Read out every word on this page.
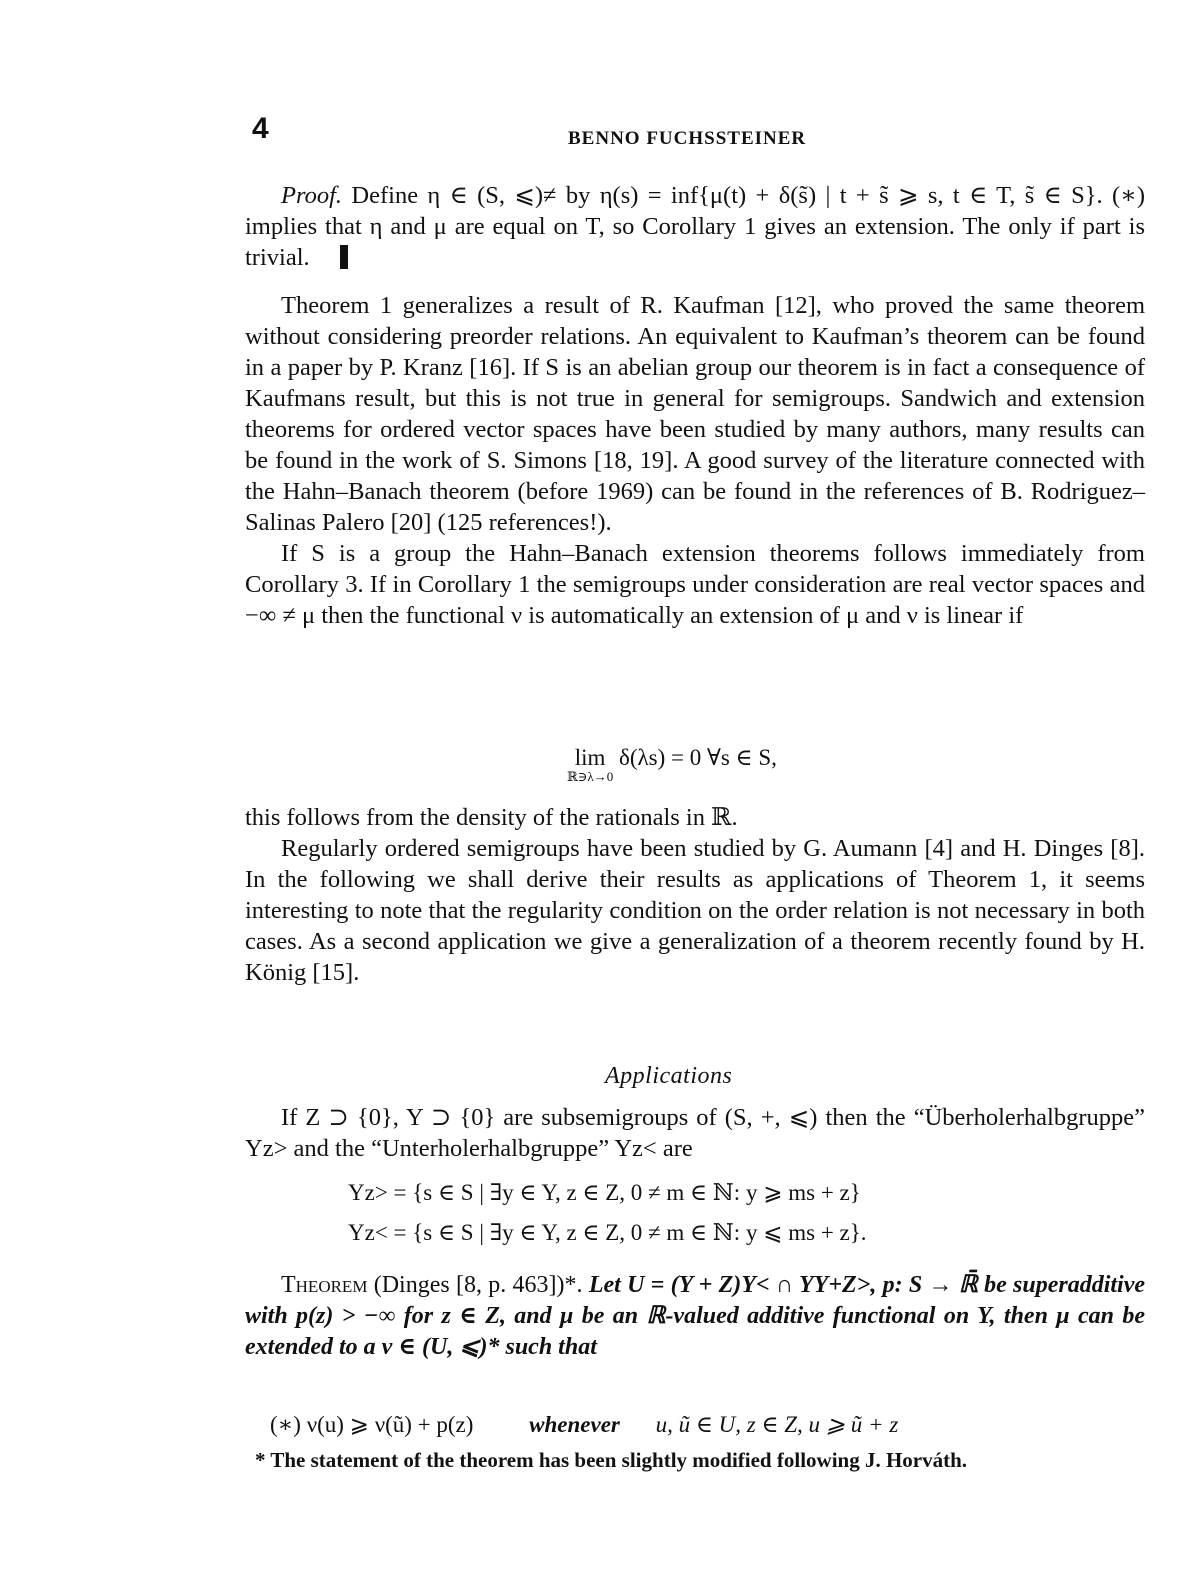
4	BENNO FUCHSSTEINER

Proof. Define η ∈ (S, ⩽)≠ by η(s) = inf{μ(t) + δ(s̃) | t + s̃ ⩾ s, t ∈ T, s̃ ∈ S}. (∗) implies that η and μ are equal on T, so Corollary 1 gives an extension. The only if part is trivial.

Theorem 1 generalizes a result of R. Kaufman [12], who proved the same theorem without considering preorder relations. An equivalent to Kaufman’s theorem can be found in a paper by P. Kranz [16]. If S is an abelian group our theorem is in fact a consequence of Kaufmans result, but this is not true in general for semigroups. Sandwich and extension theorems for ordered vector spaces have been studied by many authors, many results can be found in the work of S. Simons [18, 19]. A good survey of the literature connected with the Hahn–Banach theorem (before 1969) can be found in the references of B. Rodriguez–Salinas Palero [20] (125 references!).

If S is a group the Hahn–Banach extension theorems follows immediately from Corollary 3. If in Corollary 1 the semigroups under consideration are real vector spaces and −∞ ≠ μ then the functional ν is automatically an extension of μ and ν is linear if

lim
$^{ℝ∋\lambda\to 0}$ δ(λs) = 0 ∀s ∈ S,

this follows from the density of the rationals in ℝ.

Regularly ordered semigroups have been studied by G. Aumann [4] and H. Dinges [8]. In the following we shall derive their results as applications of Theorem 1, it seems interesting to note that the regularity condition on the order relation is not necessary in both cases. As a second application we give a generalization of a theorem recently found by H. König [15].

Applications

If Z ⊃ {0}, Y ⊃ {0} are subsemigroups of (S, +, ⩽) then the “Überholerhalbgruppe” Yz> and the “Unterholerhalbgruppe” Yz< are

Yz> = {s ∈ S | ∃y ∈ Y, z ∈ Z, 0 ≠ m ∈ ℕ: y ⩾ ms + z}
Yz< = {s ∈ S | ∃y ∈ Y, z ∈ Z, 0 ≠ m ∈ ℕ: y ⩽ ms + z}.

Theorem (Dinges [8, p. 463])*. Let U = (Y + Z)Y< ∩ YY+Z>, p: S → ℝ̄ be superadditive with p(z) > −∞ for z ∈ Z, and μ be an ℝ-valued additive functional on Y, then μ can be extended to a ν ∈ (U, ⩽)* such that

(∗) ν(u) ⩾ ν(ũ) + p(z) whenever u, ũ ∈ U, z ∈ Z, u ⩾ ũ + z
* The statement of the theorem has been slightly modified following J. Horváth.
